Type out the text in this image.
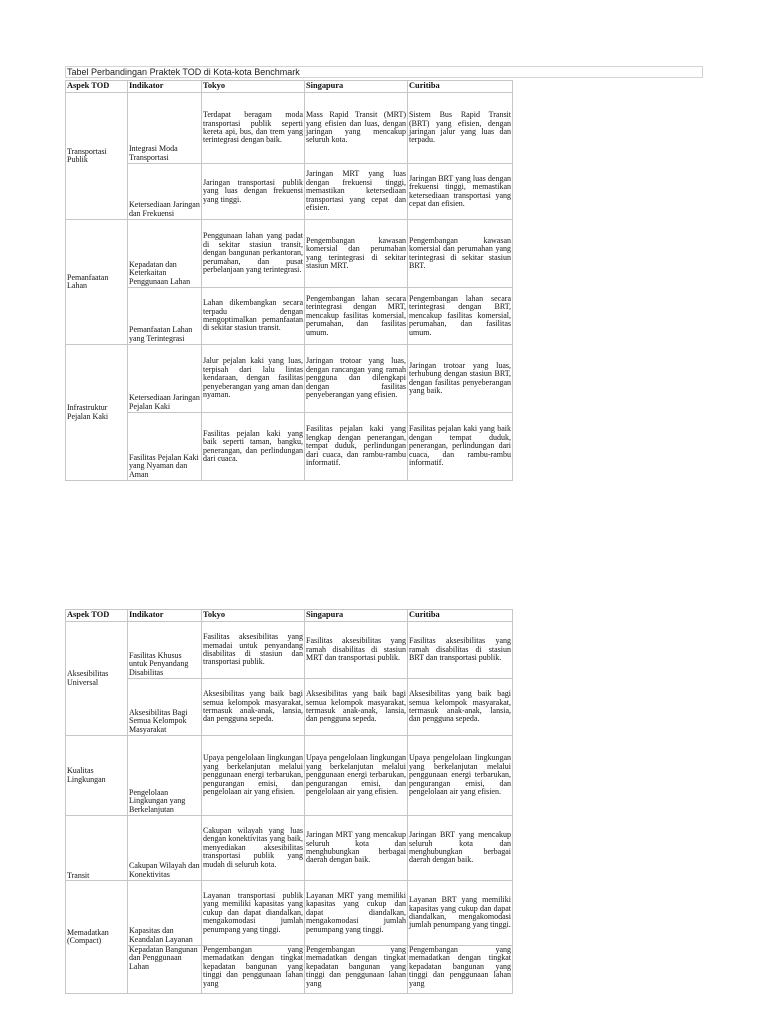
Tabel Perbandingan Praktek TOD di Kota-kota Benchmark
Aspek TOD	Indikator	Tokyo	Singapura	Curitiba
Transportasi Publik	Integrasi Moda Transportasi	Terdapat beragam moda transportasi publik seperti kereta api, bus, dan trem yang terintegrasi dengan baik.	Mass Rapid Transit (MRT) yang efisien dan luas, dengan jaringan yang mencakup seluruh kota.	Sistem Bus Rapid Transit (BRT) yang efisien, dengan jaringan jalur yang luas dan terpadu.
	Ketersediaan Jaringan dan Frekuensi	Jaringan transportasi publik yang luas dengan frekuensi yang tinggi.	Jaringan MRT yang luas dengan frekuensi tinggi, memastikan ketersediaan transportasi yang cepat dan efisien.	Jaringan BRT yang luas dengan frekuensi tinggi, memastikan ketersediaan transportasi yang cepat dan efisien.
Pemanfaatan Lahan	Kepadatan dan Keterkaitan Penggunaan Lahan	Penggunaan lahan yang padat di sekitar stasiun transit, dengan bangunan perkantoran, perumahan, dan pusat perbelanjaan yang terintegrasi.	Pengembangan kawasan komersial dan perumahan yang terintegrasi di sekitar stasiun MRT.	Pengembangan kawasan komersial dan perumahan yang terintegrasi di sekitar stasiun BRT.
	Pemanfaatan Lahan yang Terintegrasi	Lahan dikembangkan secara terpadu dengan mengoptimalkan pemanfaatan di sekitar stasiun transit.	Pengembangan lahan secara terintegrasi dengan MRT, mencakup fasilitas komersial, perumahan, dan fasilitas umum.	Pengembangan lahan secara terintegrasi dengan BRT, mencakup fasilitas komersial, perumahan, dan fasilitas umum.
Infrastruktur Pejalan Kaki	Ketersediaan Jaringan Pejalan Kaki	Jalur pejalan kaki yang luas, terpisah dari lalu lintas kendaraan, dengan fasilitas penyeberangan yang aman dan nyaman.	Jaringan trotoar yang luas, dengan rancangan yang ramah pengguna dan dilengkapi dengan fasilitas penyeberangan yang efisien.	Jaringan trotoar yang luas, terhubung dengan stasiun BRT, dengan fasilitas penyeberangan yang baik.
	Fasilitas Pejalan Kaki yang Nyaman dan Aman	Fasilitas pejalan kaki yang baik seperti taman, bangku, penerangan, dan perlindungan dari cuaca.	Fasilitas pejalan kaki yang lengkap dengan penerangan, tempat duduk, perlindungan dari cuaca, dan rambu-rambu informatif.	Fasilitas pejalan kaki yang baik dengan tempat duduk, penerangan, perlindungan dari cuaca, dan rambu-rambu informatif.
Aspek TOD	Indikator	Tokyo	Singapura	Curitiba
Aksesibilitas Universal	Fasilitas Khusus untuk Penyandang Disabilitas	Fasilitas aksesibilitas yang memadai untuk penyandang disabilitas di stasiun dan transportasi publik.	Fasilitas aksesibilitas yang ramah disabilitas di stasiun MRT dan transportasi publik.	Fasilitas aksesibilitas yang ramah disabilitas di stasiun BRT dan transportasi publik.
	Aksesibilitas Bagi Semua Kelompok Masyarakat	Aksesibilitas yang baik bagi semua kelompok masyarakat, termasuk anak-anak, lansia, dan pengguna sepeda.	Aksesibilitas yang baik bagi semua kelompok masyarakat, termasuk anak-anak, lansia, dan pengguna sepeda.	Aksesibilitas yang baik bagi semua kelompok masyarakat, termasuk anak-anak, lansia, dan pengguna sepeda.
Kualitas Lingkungan	Pengelolaan Lingkungan yang Berkelanjutan	Upaya pengelolaan lingkungan yang berkelanjutan melalui penggunaan energi terbarukan, pengurangan emisi, dan pengelolaan air yang efisien.	Upaya pengelolaan lingkungan yang berkelanjutan melalui penggunaan energi terbarukan, pengurangan emisi, dan pengelolaan air yang efisien.	Upaya pengelolaan lingkungan yang berkelanjutan melalui penggunaan energi terbarukan, pengurangan emisi, dan pengelolaan air yang efisien.
Transit	Cakupan Wilayah dan Konektivitas	Cakupan wilayah yang luas dengan konektivitas yang baik, menyediakan aksesibilitas transportasi publik yang mudah di seluruh kota.	Jaringan MRT yang mencakup seluruh kota dan menghubungkan berbagai daerah dengan baik.	Jaringan BRT yang mencakup seluruh kota dan menghubungkan berbagai daerah dengan baik.
Memadatkan (Compact)	Kapasitas dan Keandalan Layanan	Layanan transportasi publik yang memiliki kapasitas yang cukup dan dapat diandalkan, mengakomodasi jumlah penumpang yang tinggi.	Layanan MRT yang memiliki kapasitas yang cukup dan dapat diandalkan, mengakomodasi jumlah penumpang yang tinggi.	Layanan BRT yang memiliki kapasitas yang cukup dan dapat diandalkan, mengakomodasi jumlah penumpang yang tinggi.
	Kepadatan Bangunan dan Penggunaan Lahan	Pengembangan yang memadatkan dengan tingkat kepadatan bangunan yang tinggi dan penggunaan lahan yang	Pengembangan yang memadatkan dengan tingkat kepadatan bangunan yang tinggi dan penggunaan lahan yang	Pengembangan yang memadatkan dengan tingkat kepadatan bangunan yang tinggi dan penggunaan lahan yang
